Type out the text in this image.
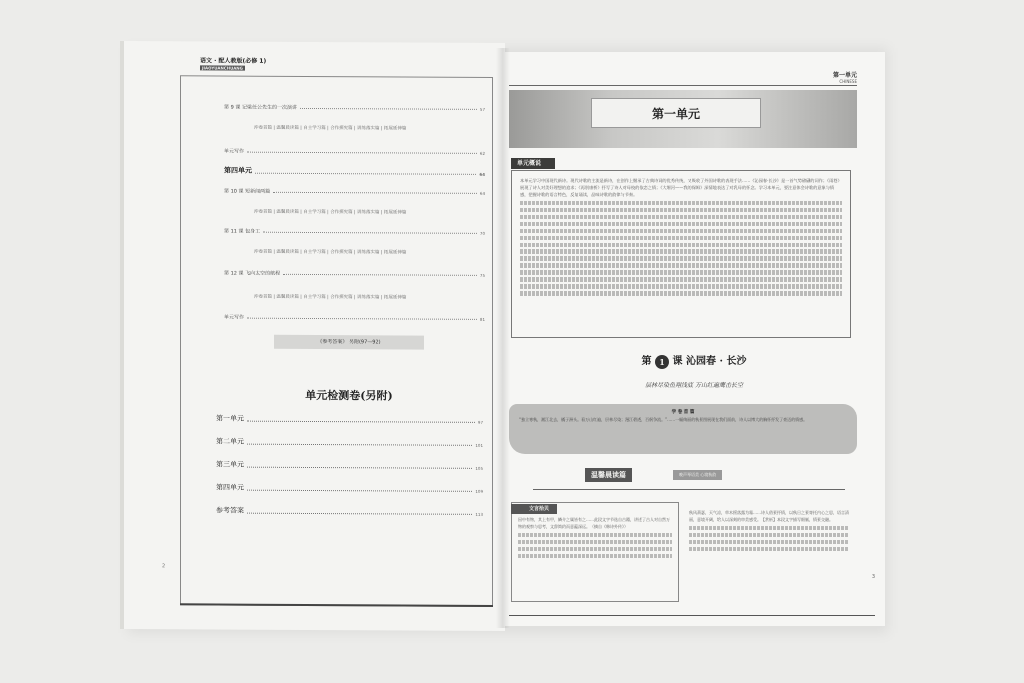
语文 · 配人教版(必修 1)
JIAOYUANCHUANG
第 9 课 记梁任公先生的一次演讲	57
沖卷首篇 | 温馨晨读篇 | 自主学习篇 | 合作探究篇 | 训练落实篇 | 拓展延伸篇
单元写作	62
第四单元	64
第 10 课 短新闻两篇	64
沖卷首篇 | 温馨晨读篇 | 自主学习篇 | 合作探究篇 | 训练落实篇 | 拓展延伸篇
第 11 课 包身工	70
沖卷首篇 | 温馨晨读篇 | 自主学习篇 | 合作探究篇 | 训练落实篇 | 拓展延伸篇
第 12 课 飞向太空的航程	75
沖卷首篇 | 温馨晨读篇 | 自主学习篇 | 合作探究篇 | 训练落实篇 | 拓展延伸篇
单元写作	81
《参考答案》 另附(97—92)
单元检测卷(另附)
第一单元	97
第二单元	101
第三单元	105
第四单元	109
参考答案	113
2
第一单元
CHINESE
第一单元
单元概说
本单元学习中国现代新诗。现代诗歌的主流是新诗，在创作上继承了古典诗词的优秀传统，又吸收了外国诗歌的表现手法……《沁园春·长沙》是一首气势磅礴的词作；《雨巷》展现了诗人对美好理想的追求；《再别康桥》抒写了诗人对母校的依恋之情；《大堰河——我的保姆》深情地表达了对乳母的怀念。学习本单元，要注意体会诗歌的意象与情感，把握诗歌的语言特色，反复诵读，品味诗歌的韵律与节奏。
第 1 课 沁园春 · 长沙
层林尽染鱼翔浅底 万山红遍鹰击长空
学 卷 首 篇
“独立寒秋，湘江北去，橘子洲头。看万山红遍，层林尽染；漫江碧透，百舸争流。”……一幅绚丽的秋景图展现在我们面前，诗人以博大的胸怀抒发了豪迈的情感。
温馨晨读篇	晚声琴语美 心境秋韵
因中有物，其上有甲，鳞介之属皆有之……此段文字节选自古籍，讲述了古人对自然万物的观察与思考，文辞简约而意蕴深远。（摘自《韩诗外传》）
文言拾贝
秋风萧瑟，天气凉，草木摇落露为霜……诗人借景抒情，以秋日之景寄托内心之思，语言清丽，意境开阔，给人以深刻的审美感受。【赏析】本段文字描写细腻，情景交融。
3
